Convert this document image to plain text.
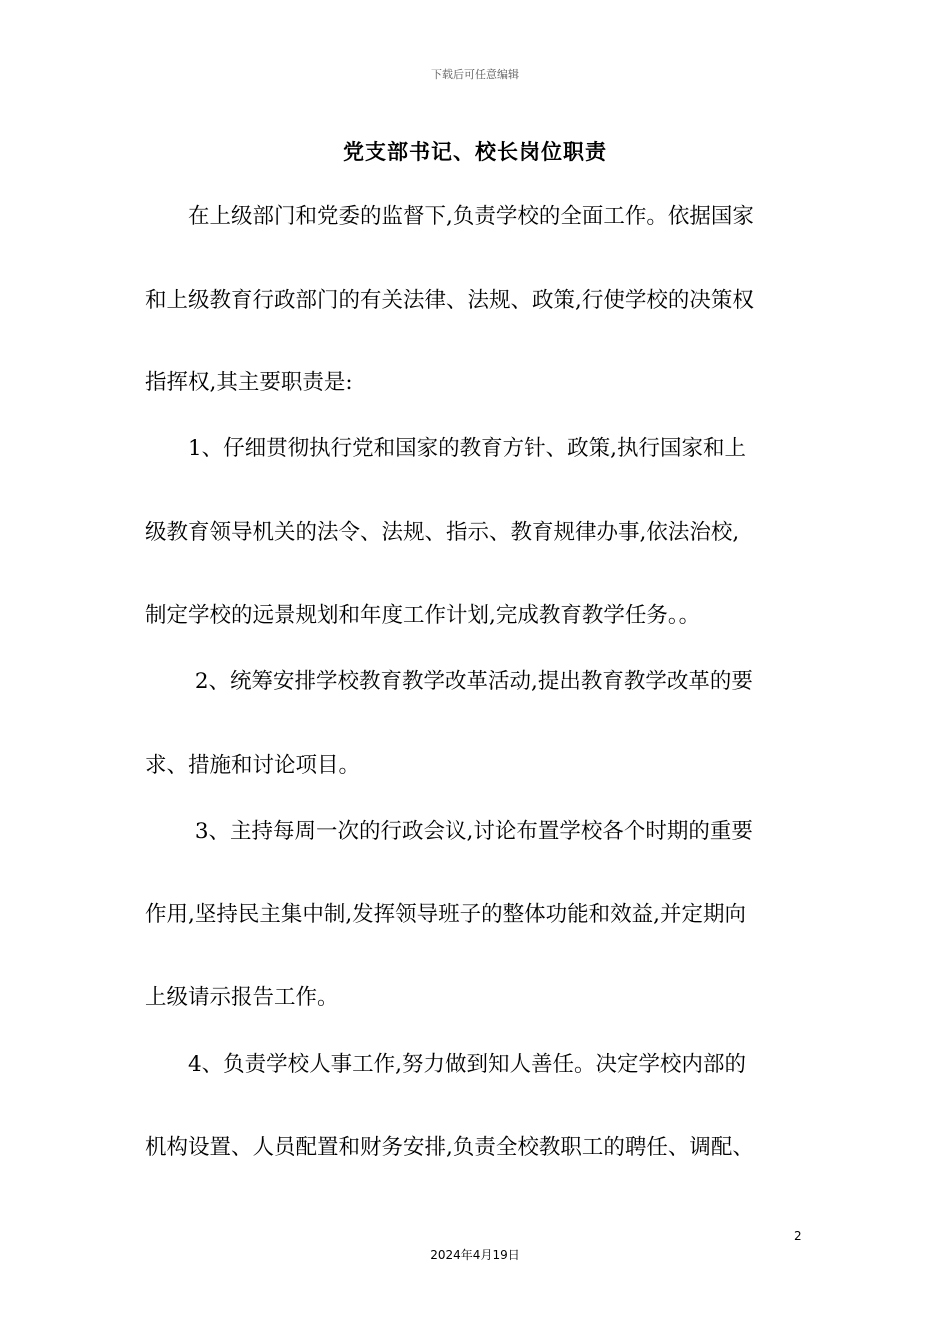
下载后可任意编辑
党支部书记、校长岗位职责
　　在上级部门和党委的监督下,负责学校的全面工作。依据国家
和上级教育行政部门的有关法律、法规、政策,行使学校的决策权
指挥权,其主要职责是:
　　1、仔细贯彻执行党和国家的教育方针、政策,执行国家和上
级教育领导机关的法令、法规、指示、教育规律办事,依法治校,
制定学校的远景规划和年度工作计划,完成教育教学任务。。
　　 2、统筹安排学校教育教学改革活动,提出教育教学改革的要
求、措施和讨论项目。
　　 3、主持每周一次的行政会议,讨论布置学校各个时期的重要
作用,坚持民主集中制,发挥领导班子的整体功能和效益,并定期向
上级请示报告工作。
　　4、负责学校人事工作,努力做到知人善任。决定学校内部的
机构设置、人员配置和财务安排,负责全校教职工的聘任、调配、
2
2024年4月19日
